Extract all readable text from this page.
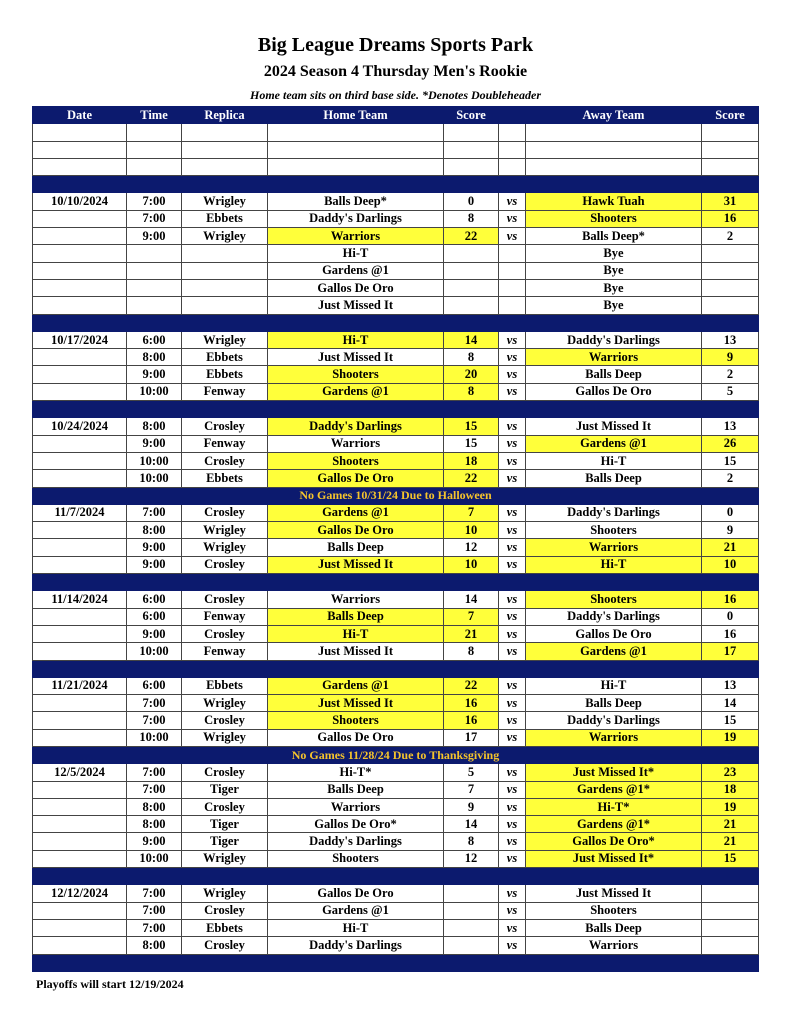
Big League Dreams Sports Park
2024 Season 4 Thursday Men's Rookie
Home team sits on third base side. *Denotes Doubleheader
Date	Time	Replica	Home Team	Score		Away Team	Score

10/10/2024	7:00	Wrigley	Balls Deep*	0	vs	Hawk Tuah	31
	7:00	Ebbets	Daddy's Darlings	8	vs	Shooters	16
	9:00	Wrigley	Warriors	22	vs	Balls Deep*	2
			Hi-T			Bye	
			Gardens @1			Bye	
			Gallos De Oro			Bye	
			Just Missed It			Bye	

10/17/2024	6:00	Wrigley	Hi-T	14	vs	Daddy's Darlings	13
	8:00	Ebbets	Just Missed It	8	vs	Warriors	9
	9:00	Ebbets	Shooters	20	vs	Balls Deep	2
	10:00	Fenway	Gardens @1	8	vs	Gallos De Oro	5

10/24/2024	8:00	Crosley	Daddy's Darlings	15	vs	Just Missed It	13
	9:00	Fenway	Warriors	15	vs	Gardens @1	26
	10:00	Crosley	Shooters	18	vs	Hi-T	15
	10:00	Ebbets	Gallos De Oro	22	vs	Balls Deep	2
No Games 10/31/24 Due to Halloween							
11/7/2024	7:00	Crosley	Gardens @1	7	vs	Daddy's Darlings	0
	8:00	Wrigley	Gallos De Oro	10	vs	Shooters	9
	9:00	Wrigley	Balls Deep	12	vs	Warriors	21
	9:00	Crosley	Just Missed It	10	vs	Hi-T	10

11/14/2024	6:00	Crosley	Warriors	14	vs	Shooters	16
	6:00	Fenway	Balls Deep	7	vs	Daddy's Darlings	0
	9:00	Crosley	Hi-T	21	vs	Gallos De Oro	16
	10:00	Fenway	Just Missed It	8	vs	Gardens @1	17

11/21/2024	6:00	Ebbets	Gardens @1	22	vs	Hi-T	13
	7:00	Wrigley	Just Missed It	16	vs	Balls Deep	14
	7:00	Crosley	Shooters	16	vs	Daddy's Darlings	15
	10:00	Wrigley	Gallos De Oro	17	vs	Warriors	19
No Games 11/28/24 Due to Thanksgiving							
12/5/2024	7:00	Crosley	Hi-T*	5	vs	Just Missed It*	23
	7:00	Tiger	Balls Deep	7	vs	Gardens @1*	18
	8:00	Crosley	Warriors	9	vs	Hi-T*	19
	8:00	Tiger	Gallos De Oro*	14	vs	Gardens @1*	21
	9:00	Tiger	Daddy's Darlings	8	vs	Gallos De Oro*	21
	10:00	Wrigley	Shooters	12	vs	Just Missed It*	15

12/12/2024	7:00	Wrigley	Gallos De Oro		vs	Just Missed It	
	7:00	Crosley	Gardens @1		vs	Shooters	
	7:00	Ebbets	Hi-T		vs	Balls Deep	
	8:00	Crosley	Daddy's Darlings		vs	Warriors	

Playoffs will start 12/19/2024
